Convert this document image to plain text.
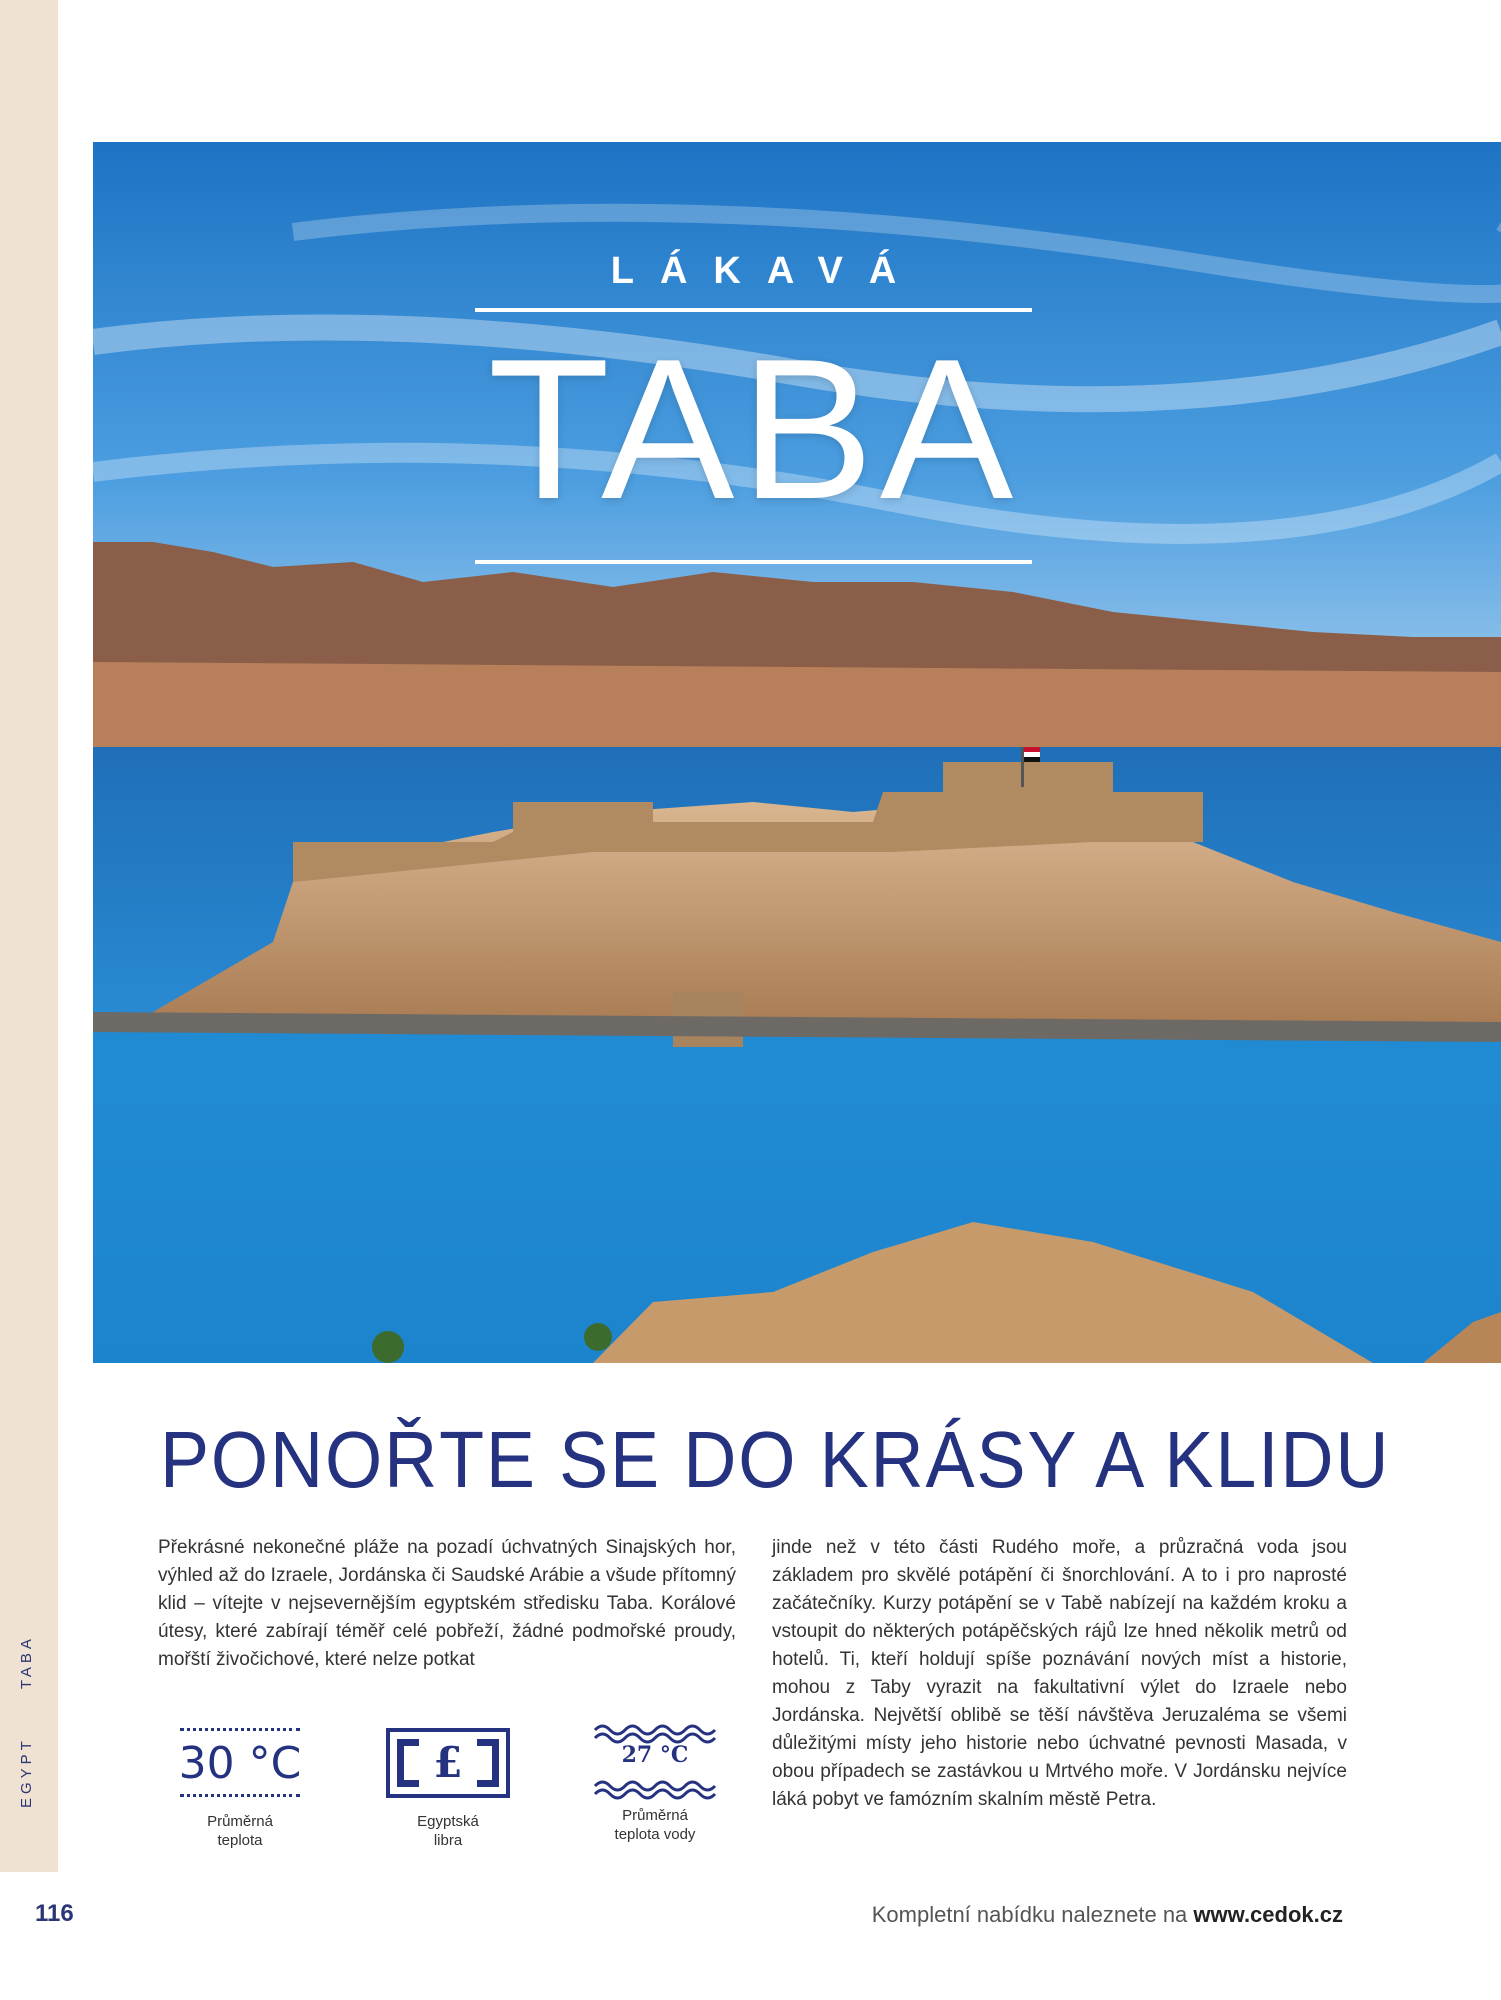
EGYPTTABA
LÁKAVÁ
TABA
PONOŘTE SE DO KRÁSY A KLIDU
Překrásné nekonečné pláže na pozadí úchvatných Sinajských hor, výhled až do Izraele, Jordánska či Saudské Arábie a všude přítomný klid – vítejte v nejsevernějším egyptském středisku Taba. Korálové útesy, které zabírají téměř celé pobřeží, žádné podmořské proudy, mořští živočichové, které nelze potkat
jinde než v této části Rudého moře, a průzračná voda jsou základem pro skvělé potápění či šnorchlování. A to i pro naprosté začátečníky. Kurzy potápění se v Tabě nabízejí na každém kroku a vstoupit do některých potápěčských rájů lze hned několik metrů od hotelů. Ti, kteří holdují spíše poznávání nových míst a historie, mohou z Taby vyrazit na fakultativní výlet do Izraele nebo Jordánska. Největší oblibě se těší návštěva Jeruzaléma se všemi důležitými místy jeho historie nebo úchvatné pevnosti Masada, v obou případech se zastávkou u Mrtvého moře. V Jordánsku nejvíce láká pobyt ve famózním skalním městě Petra.
30 °C
Průměrná
teplota
£
Egyptská
libra
27 °C
Průměrná
teplota vody
116	Kompletní nabídku naleznete na www.cedok.cz
